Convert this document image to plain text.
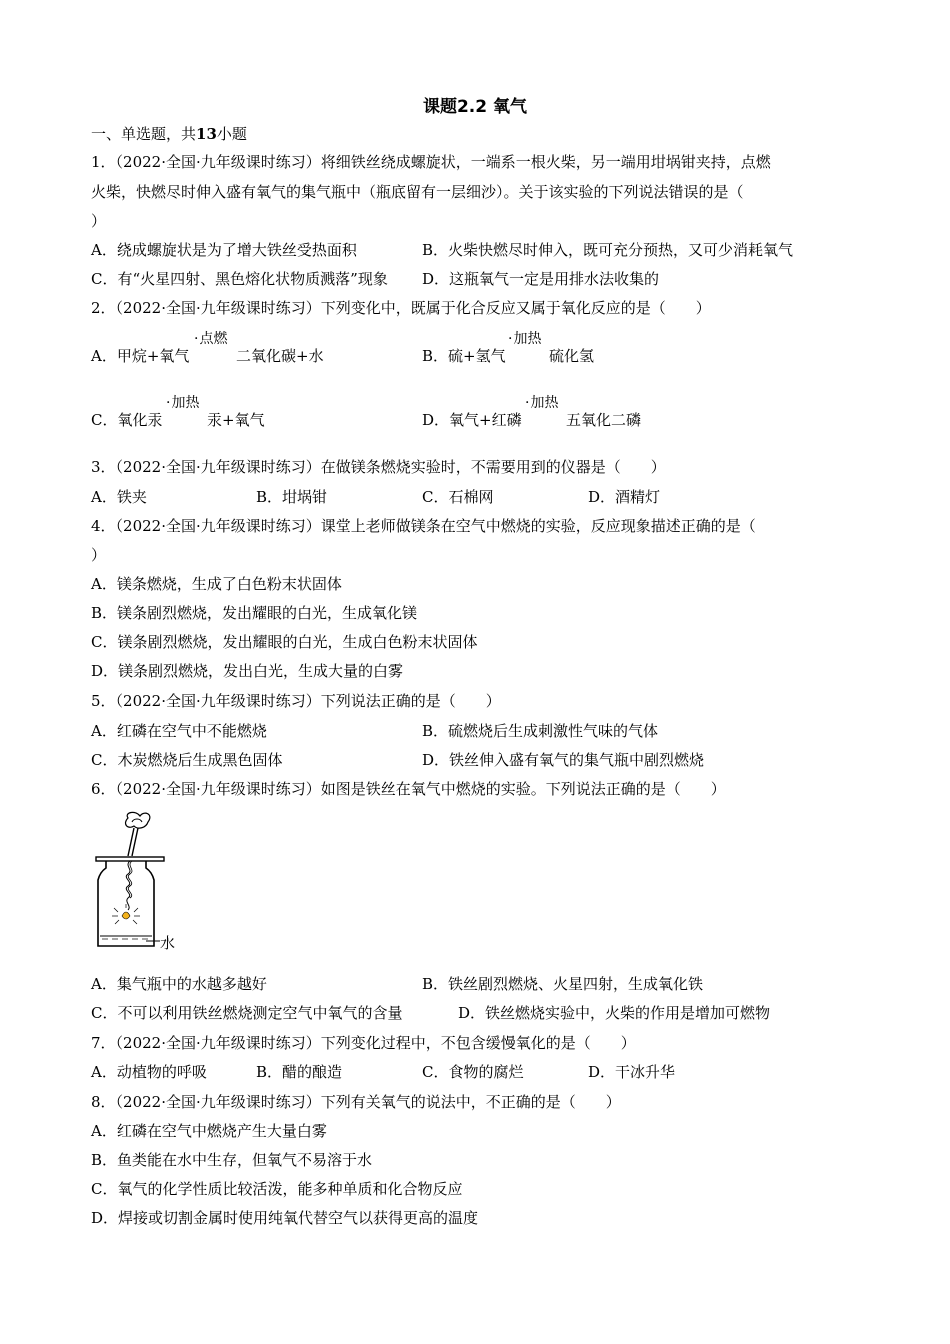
课题2.2 氧气
一、单选题，共13小题
1．（2022·全国·九年级课时练习）将细铁丝绕成螺旋状，一端系一根火柴，另一端用坩埚钳夹持，点燃
火柴，快燃尽时伸入盛有氧气的集气瓶中（瓶底留有一层细沙）。关于该实验的下列说法错误的是（
）
A．绕成螺旋状是为了增大铁丝受热面积	B．火柴快燃尽时伸入，既可充分预热，又可少消耗氧气
C．有“火星四射、黑色熔化状物质溅落”现象 D．这瓶氧气一定是用排水法收集的
2．（2022·全国·九年级课时练习）下列变化中，既属于化合反应又属于氧化反应的是（　　）
A．甲烷+氧气
· 点燃
二氧化碳+水	B．硫+氢气
· 加热
硫化氢
C．氧化汞
· 加热
汞+氧气	D．氧气+红磷
· 加热
五氧化二磷
3．（2022·全国·九年级课时练习）在做镁条燃烧实验时，不需要用到的仪器是（　　）
A．铁夹	B．坩埚钳	C．石棉网	D．酒精灯
4．（2022·全国·九年级课时练习）课堂上老师做镁条在空气中燃烧的实验，反应现象描述正确的是（
）
A．镁条燃烧，生成了白色粉末状固体
B．镁条剧烈燃烧，发出耀眼的白光，生成氧化镁
C．镁条剧烈燃烧，发出耀眼的白光，生成白色粉末状固体
D．镁条剧烈燃烧，发出白光，生成大量的白雾
5．（2022·全国·九年级课时练习）下列说法正确的是（　　）
A．红磷在空气中不能燃烧	B．硫燃烧后生成刺激性气味的气体
C．木炭燃烧后生成黑色固体	D．铁丝伸入盛有氧气的集气瓶中剧烈燃烧
6．（2022·全国·九年级课时练习）如图是铁丝在氧气中燃烧的实验。下列说法正确的是（　　）
水
A．集气瓶中的水越多越好	B．铁丝剧烈燃烧、火星四射，生成氧化铁
C．不可以利用铁丝燃烧测定空气中氧气的含量	D．铁丝燃烧实验中，火柴的作用是增加可燃物
7．（2022·全国·九年级课时练习）下列变化过程中，不包含缓慢氧化的是（　　）
A．动植物的呼吸	B．醋的酿造	C．食物的腐烂	D．干冰升华
8．（2022·全国·九年级课时练习）下列有关氧气的说法中，不正确的是（　　）
A．红磷在空气中燃烧产生大量白雾
B．鱼类能在水中生存，但氧气不易溶于水
C．氧气的化学性质比较活泼，能多种单质和化合物反应
D．焊接或切割金属时使用纯氧代替空气以获得更高的温度
